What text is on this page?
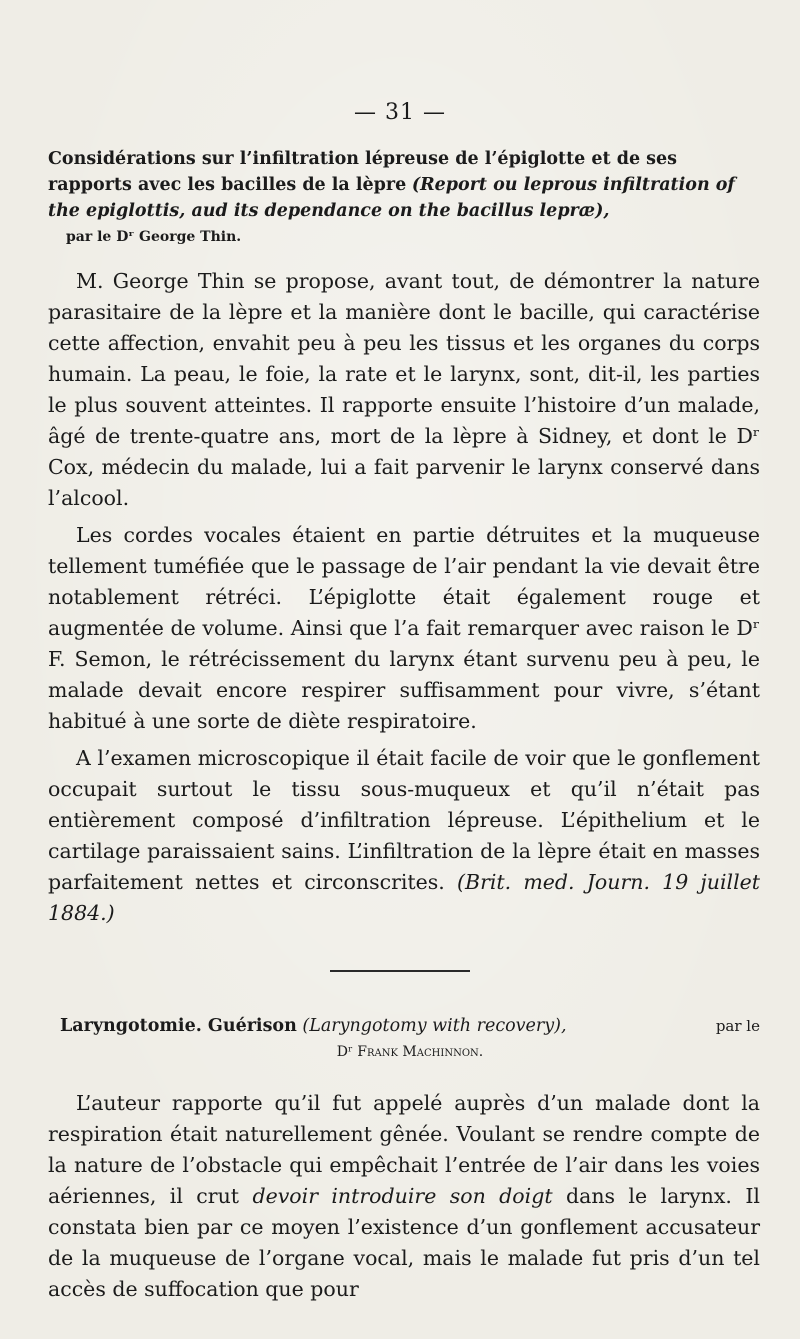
— 31 —
Considérations sur l’infiltration lépreuse de l’épiglotte et de ses rapports avec les bacilles de la lèpre (Report ou leprous infiltration of the epiglottis, aud its dependance on the bacillus lepræ),
par le Dʳ George Thin.

M. George Thin se propose, avant tout, de démontrer la nature parasitaire de la lèpre et la manière dont le bacille, qui caractérise cette affection, envahit peu à peu les tissus et les organes du corps humain. La peau, le foie, la rate et le larynx, sont, dit-il, les parties le plus souvent atteintes. Il rapporte ensuite l’histoire d’un malade, âgé de trente-quatre ans, mort de la lèpre à Sidney, et dont le Dʳ Cox, médecin du malade, lui a fait parvenir le larynx conservé dans l’alcool.

Les cordes vocales étaient en partie détruites et la muqueuse tellement tuméfiée que le passage de l’air pendant la vie devait être notablement rétréci. L’épiglotte était également rouge et augmentée de volume. Ainsi que l’a fait remarquer avec raison le Dʳ F. Semon, le rétrécissement du larynx étant survenu peu à peu, le malade devait encore respirer suffisamment pour vivre, s’étant habitué à une sorte de diète respiratoire.

A l’examen microscopique il était facile de voir que le gonflement occupait surtout le tissu sous-muqueux et qu’il n’était pas entièrement composé d’infiltration lépreuse. L’épithelium et le cartilage paraissaient sains. L’infiltration de la lèpre était en masses parfaitement nettes et circonscrites. (Brit. med. Journ. 19 juillet 1884.)

Laryngotomie. Guérison (Laryngotomy with recovery),	par le
Dʳ Frank Machinnon.

L’auteur rapporte qu’il fut appelé auprès d’un malade dont la respiration était naturellement gênée. Voulant se rendre compte de la nature de l’obstacle qui empêchait l’entrée de l’air dans les voies aériennes, il crut devoir introduire son doigt dans le larynx. Il constata bien par ce moyen l’existence d’un gonflement accusateur de la muqueuse de l’organe vocal, mais le malade fut pris d’un tel accès de suffocation que pour
